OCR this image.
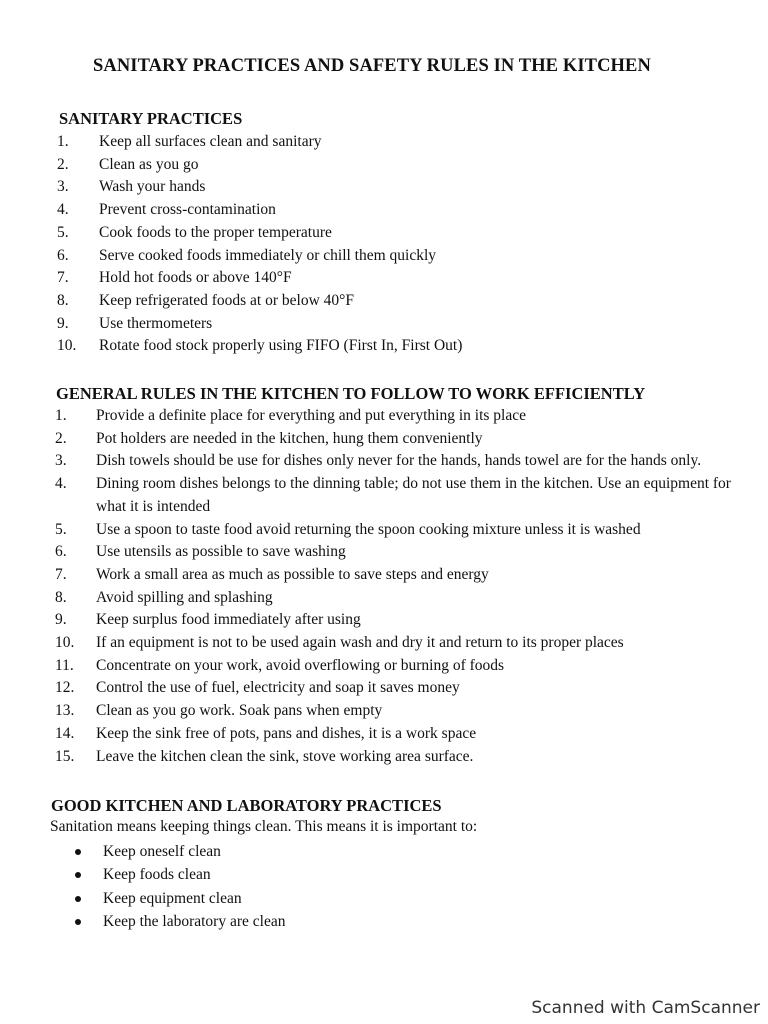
SANITARY PRACTICES AND SAFETY RULES IN THE KITCHEN
SANITARY PRACTICES
1. Keep all surfaces clean and sanitary
2. Clean as you go
3. Wash your hands
4. Prevent cross-contamination
5. Cook foods to the proper temperature
6. Serve cooked foods immediately or chill them quickly
7. Hold hot foods or above 140°F
8. Keep refrigerated foods at or below 40°F
9. Use thermometers
10. Rotate food stock properly using FIFO (First In, First Out)
GENERAL RULES IN THE KITCHEN TO FOLLOW TO WORK EFFICIENTLY
1. Provide a definite place for everything and put everything in its place
2. Pot holders are needed in the kitchen, hung them conveniently
3. Dish towels should be use for dishes only never for the hands, hands towel are for the hands only.
4. Dining room dishes belongs to the dinning table; do not use them in the kitchen. Use an equipment for what it is intended
5. Use a spoon to taste food avoid returning the spoon cooking mixture unless it is washed
6. Use utensils as possible to save washing
7. Work a small area as much as possible to save steps and energy
8. Avoid spilling and splashing
9. Keep surplus food immediately after using
10. If an equipment is not to be used again wash and dry it and return to its proper places
11. Concentrate on your work, avoid overflowing or burning of foods
12. Control the use of fuel, electricity and soap it saves money
13. Clean as you go work. Soak pans when empty
14. Keep the sink free of pots, pans and dishes, it is a work space
15. Leave the kitchen clean the sink, stove working area surface.
GOOD KITCHEN AND LABORATORY PRACTICES
Sanitation means keeping things clean. This means it is important to:
Keep oneself clean
Keep foods clean
Keep equipment clean
Keep the laboratory are clean
Scanned with CamScanner
